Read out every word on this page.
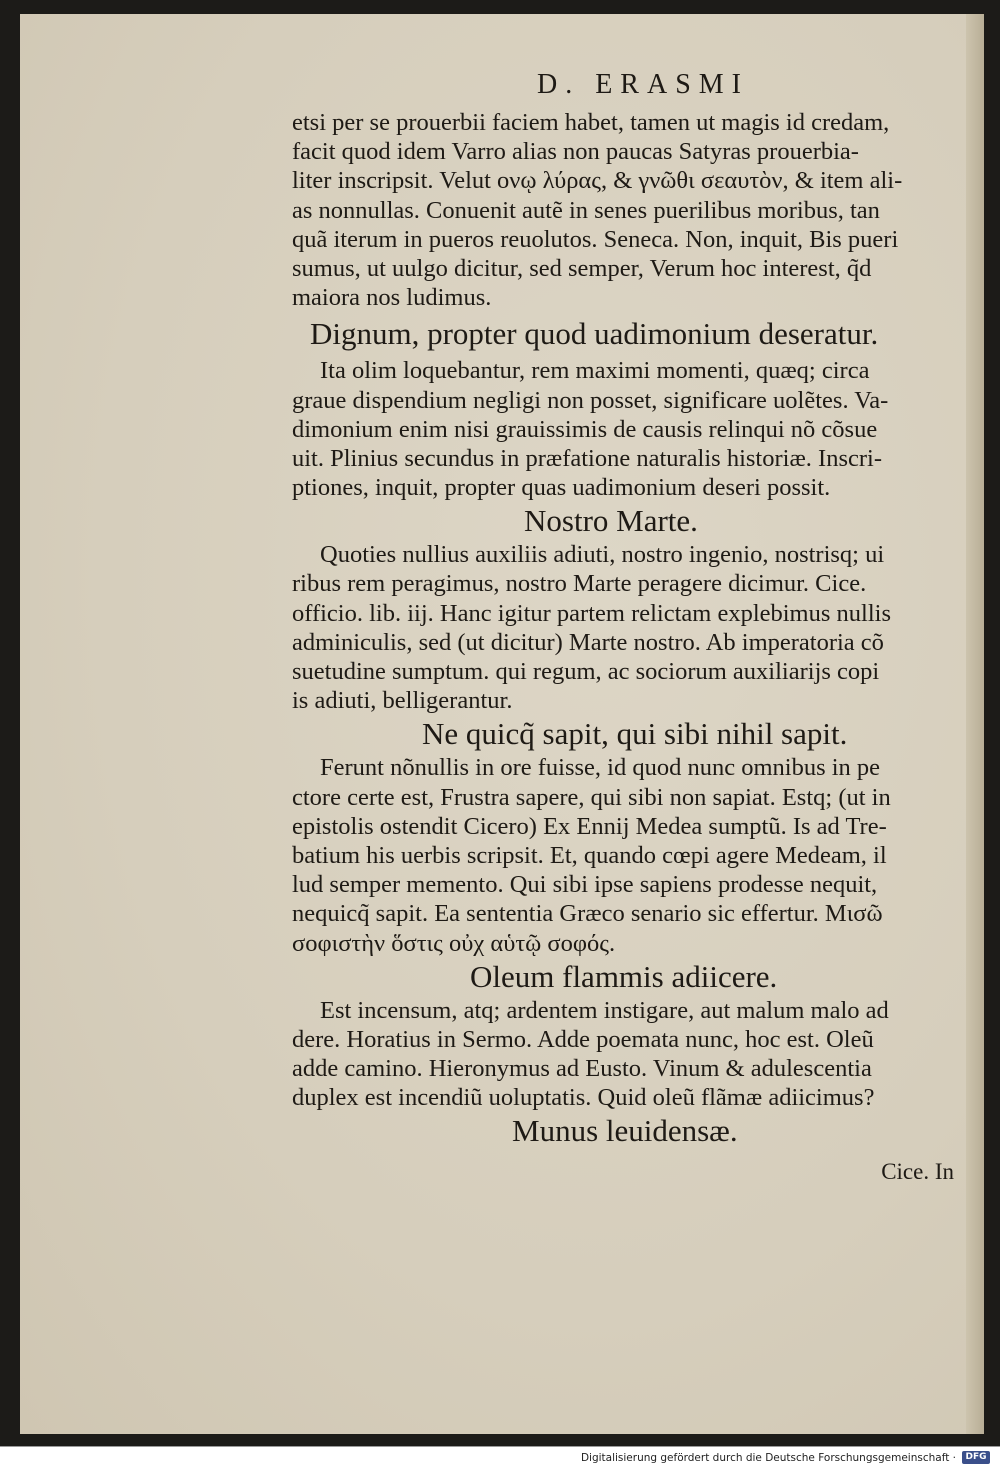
D. ERASMI
etsi per se prouerbii faciem habet, tamen ut magis id credam,
facit quod idem Varro alias non paucas Satyras prouerbia-
liter inscripsit. Velut ονῳ λύρας, & γνῶθι σεαυτὸν, & item ali-
as nonnullas. Conuenit autẽ in senes puerilibus moribus, tan
quã iterum in pueros reuolutos. Seneca. Non, inquit, Bis pueri
sumus, ut uulgo dicitur, sed semper, Verum hoc interest, q̃d
maiora nos ludimus.
Dignum, propter quod uadimonium deseratur.
Ita olim loquebantur, rem maximi momenti, quæq; circa
graue dispendium negligi non posset, significare uolẽtes. Va-
dimonium enim nisi grauissimis de causis relinqui nõ cõsue
uit. Plinius secundus in præfatione naturalis historiæ. Inscri-
ptiones, inquit, propter quas uadimonium deseri possit.
Nostro Marte.
Quoties nullius auxiliis adiuti, nostro ingenio, nostrisq; ui
ribus rem peragimus, nostro Marte peragere dicimur. Cice.
officio. lib. iij. Hanc igitur partem relictam explebimus nullis
adminiculis, sed (ut dicitur) Marte nostro. Ab imperatoria cõ
suetudine sumptum. qui regum, ac sociorum auxiliarijs copi
is adiuti, belligerantur.
Ne quicq̃ sapit, qui sibi nihil sapit.
Ferunt nõnullis in ore fuisse, id quod nunc omnibus in pe
ctore certe est, Frustra sapere, qui sibi non sapiat. Estq; (ut in
epistolis ostendit Cicero) Ex Ennij Medea sumptũ. Is ad Tre-
batium his uerbis scripsit. Et, quando cœpi agere Medeam, il
lud semper memento. Qui sibi ipse sapiens prodesse nequit,
nequicq̃ sapit. Ea sententia Græco senario sic effertur. Μισῶ
σοφιστὴν ὅστις οὐχ αὑτῷ σοφός.
Oleum flammis adiicere.
Est incensum, atq; ardentem instigare, aut malum malo ad
dere. Horatius in Sermo. Adde poemata nunc, hoc est. Oleũ
adde camino. Hieronymus ad Eusto. Vinum & adulescentia
duplex est incendiũ uoluptatis. Quid oleũ flãmæ adiicimus?
Munus leuidensæ.
Cice. In
Digitalisierung gefördert durch die Deutsche Forschungsgemeinschaft ·	DFG
